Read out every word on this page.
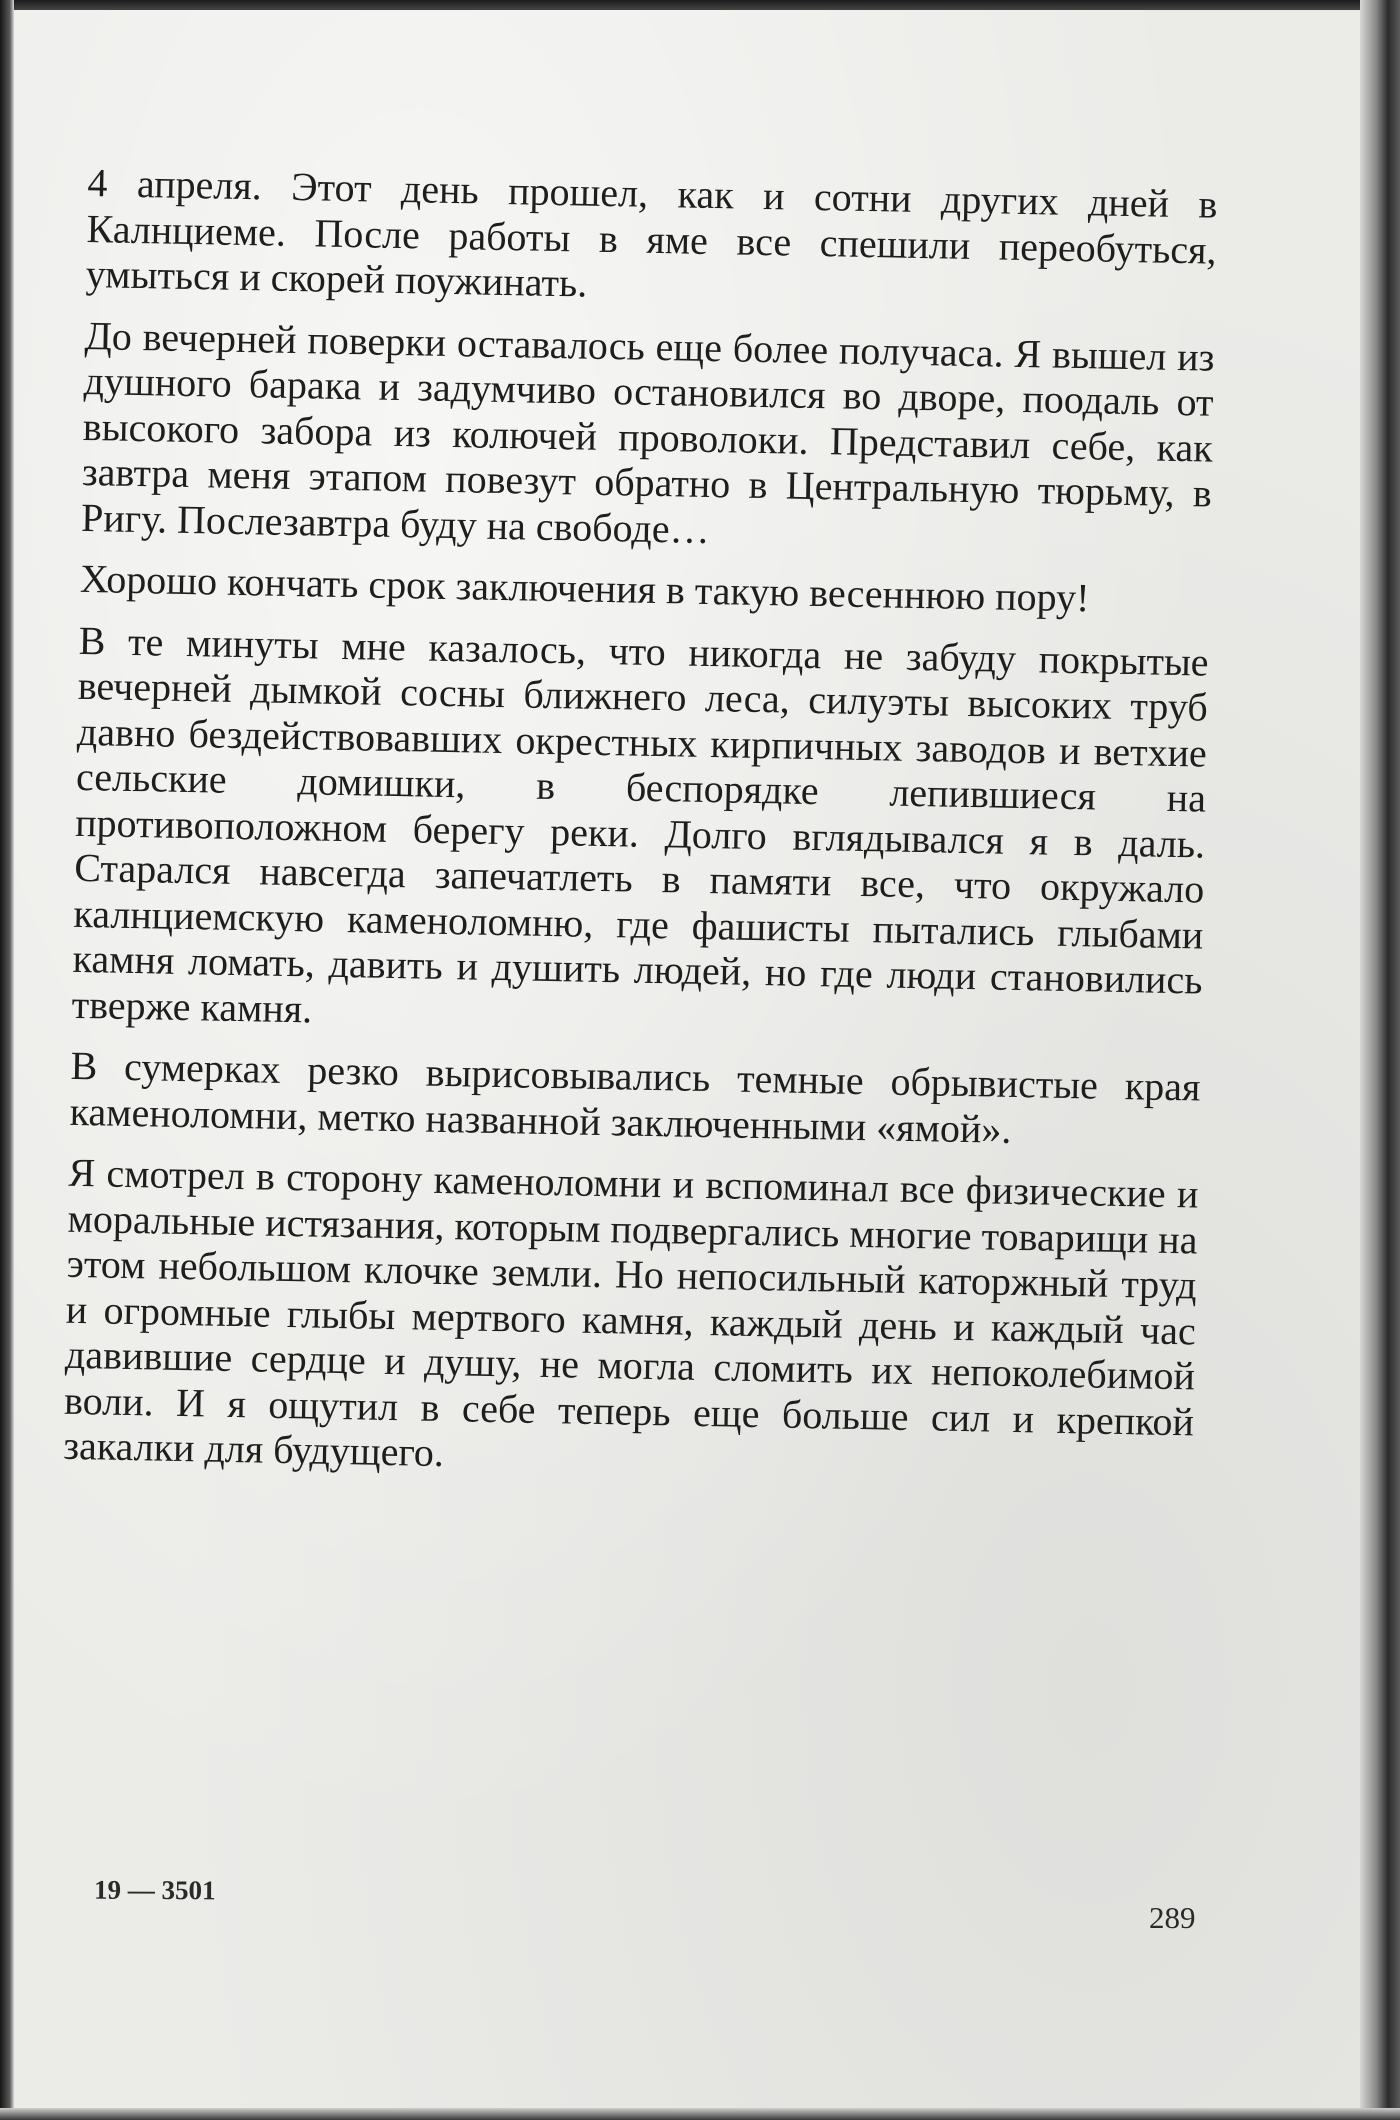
4 апреля. Этот день прошел, как и сотни других дней в Калнциеме. После работы в яме все спешили переобуться, умыться и скорей поужинать.

До вечерней поверки оставалось еще более получаса. Я вышел из душного барака и задумчиво остановился во дворе, поодаль от высокого забора из колючей проволоки. Представил себе, как завтра меня этапом повезут обратно в Центральную тюрьму, в Ригу. Послезавтра буду на свободе…

Хорошо кончать срок заключения в такую весеннюю пору!

В те минуты мне казалось, что никогда не забуду покрытые вечерней дымкой сосны ближнего леса, силуэты высоких труб давно бездействовавших окрестных кирпичных заводов и ветхие сельские домишки, в беспорядке лепившиеся на противоположном берегу реки. Долго вглядывался я в даль. Старался навсегда запечатлеть в памяти все, что окружало калнциемскую каменоломню, где фашисты пытались глыбами камня ломать, давить и душить людей, но где люди становились тверже камня.

В сумерках резко вырисовывались темные обрывистые края каменоломни, метко названной заключенными «ямой».

Я смотрел в сторону каменоломни и вспоминал все физические и моральные истязания, которым подвергались многие товарищи на этом небольшом клочке земли. Но непосильный каторжный труд и огромные глыбы мертвого камня, каждый день и каждый час давившие сердце и душу, не могла сломить их непоколебимой воли. И я ощутил в себе теперь еще больше сил и крепкой закалки для будущего.

19 — 3501
289
